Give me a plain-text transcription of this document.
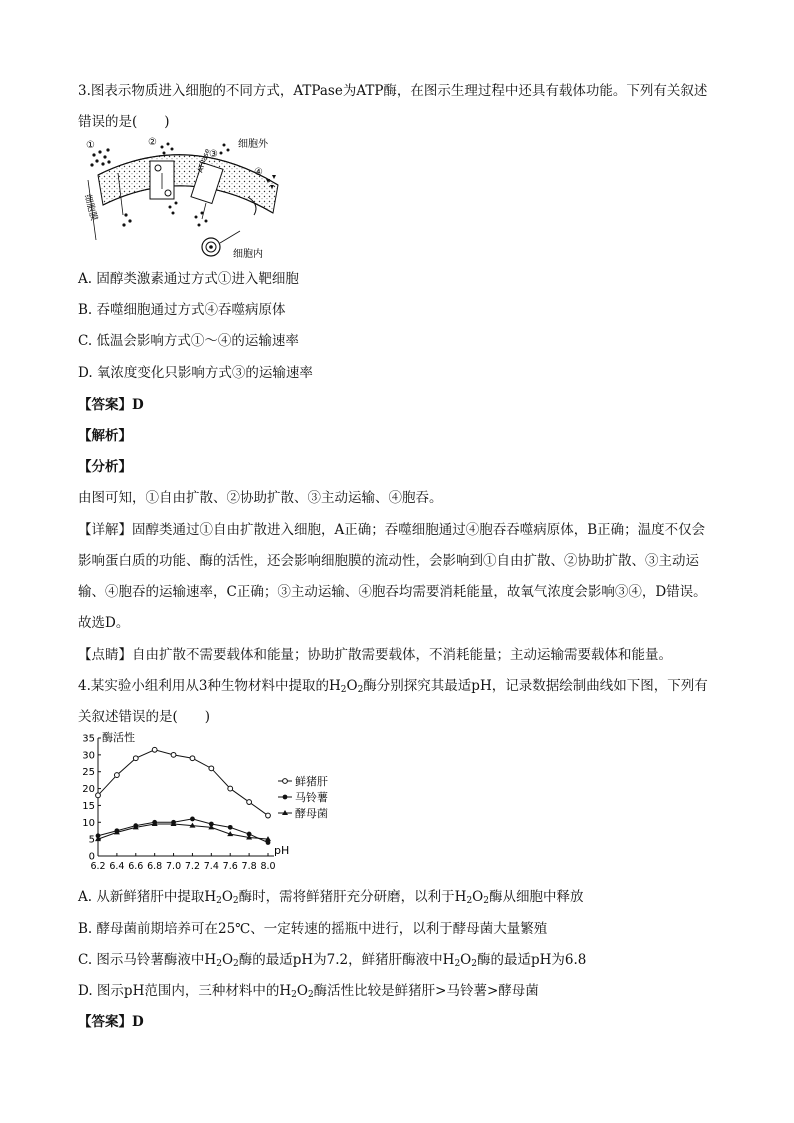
3.图表示物质进入细胞的不同方式，ATPase为ATP酶，在图示生理过程中还具有载体功能。下列有关叙述
错误的是(　　)
细胞膜
①	②
③
ATPase	④
细胞外
细胞内
A. 固醇类激素通过方式①进入靶细胞
B. 吞噬细胞通过方式④吞噬病原体
C. 低温会影响方式①～④的运输速率
D. 氧浓度变化只影响方式③的运输速率
【答案】D
【解析】
【分析】
由图可知，①自由扩散、②协助扩散、③主动运输、④胞吞。
【详解】固醇类通过①自由扩散进入细胞，A正确；吞噬细胞通过④胞吞吞噬病原体，B正确；温度不仅会
影响蛋白质的功能、酶的活性，还会影响细胞膜的流动性，会影响到①自由扩散、②协助扩散、③主动运
输、④胞吞的运输速率，C正确；③主动运输、④胞吞均需要消耗能量，故氧气浓度会影响③④，D错误。
故选D。
【点睛】自由扩散不需要载体和能量；协助扩散需要载体，不消耗能量；主动运输需要载体和能量。
4.某实验小组利用从3种生物材料中提取的$H_2O_2$酶分别探究其最适pH，记录数据绘制曲线如下图，下列有
关叙述错误的是(　　)
0
5
10
15
20
25
30
35
6.2 6.4 6.6 6.8 7.0 7.2 7.4 7.6 7.8 8.0
酶活性
pH
鲜猪肝
马铃薯
酵母菌
A. 从新鲜猪肝中提取$H_2O_2$酶时，需将鲜猪肝充分研磨，以利于$H_2O_2$酶从细胞中释放
B. 酵母菌前期培养可在25℃、一定转速的摇瓶中进行，以利于酵母菌大量繁殖
C. 图示马铃薯酶液中$H_2O_2$酶的最适pH为7.2，鲜猪肝酶液中$H_2O_2$酶的最适pH为6.8
D. 图示pH范围内，三种材料中的$H_2O_2$酶活性比较是鲜猪肝>马铃薯>酵母菌
【答案】D
